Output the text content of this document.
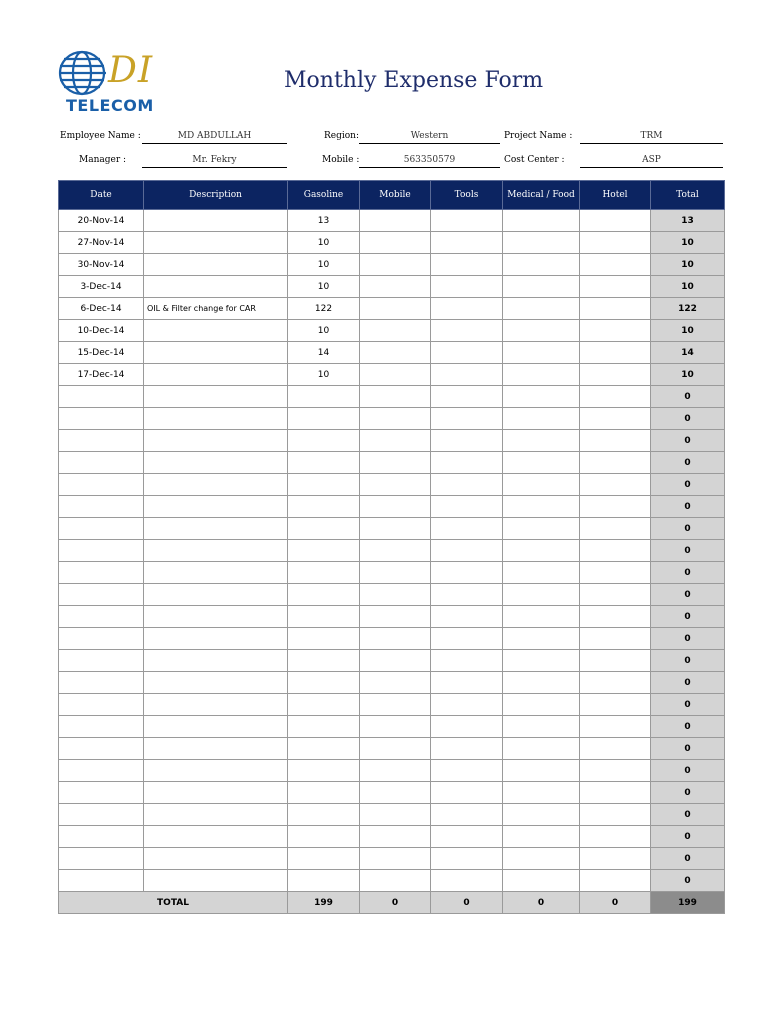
DI
TELECOM
Monthly Expense Form
Employee Name :	MD ABDULLAH	Region:	Western	Project Name :	TRM
Manager :	Mr. Fekry	Mobile :	563350579	Cost Center :	ASP
Date	Description	Gasoline	Mobile	Tools	Medical / Food	Hotel	Total
20-Nov-14		13					13
27-Nov-14		10					10
30-Nov-14		10					10
3-Dec-14		10					10
6-Dec-14	OIL & Filter change for CAR	122					122
10-Dec-14		10					10
15-Dec-14		14					14
17-Dec-14		10					10
							0
							0
							0
							0
							0
							0
							0
							0
							0
							0
							0
							0
							0
							0
							0
							0
							0
							0
							0
							0
							0
							0
							0
TOTAL		199	0	0	0	0	199
